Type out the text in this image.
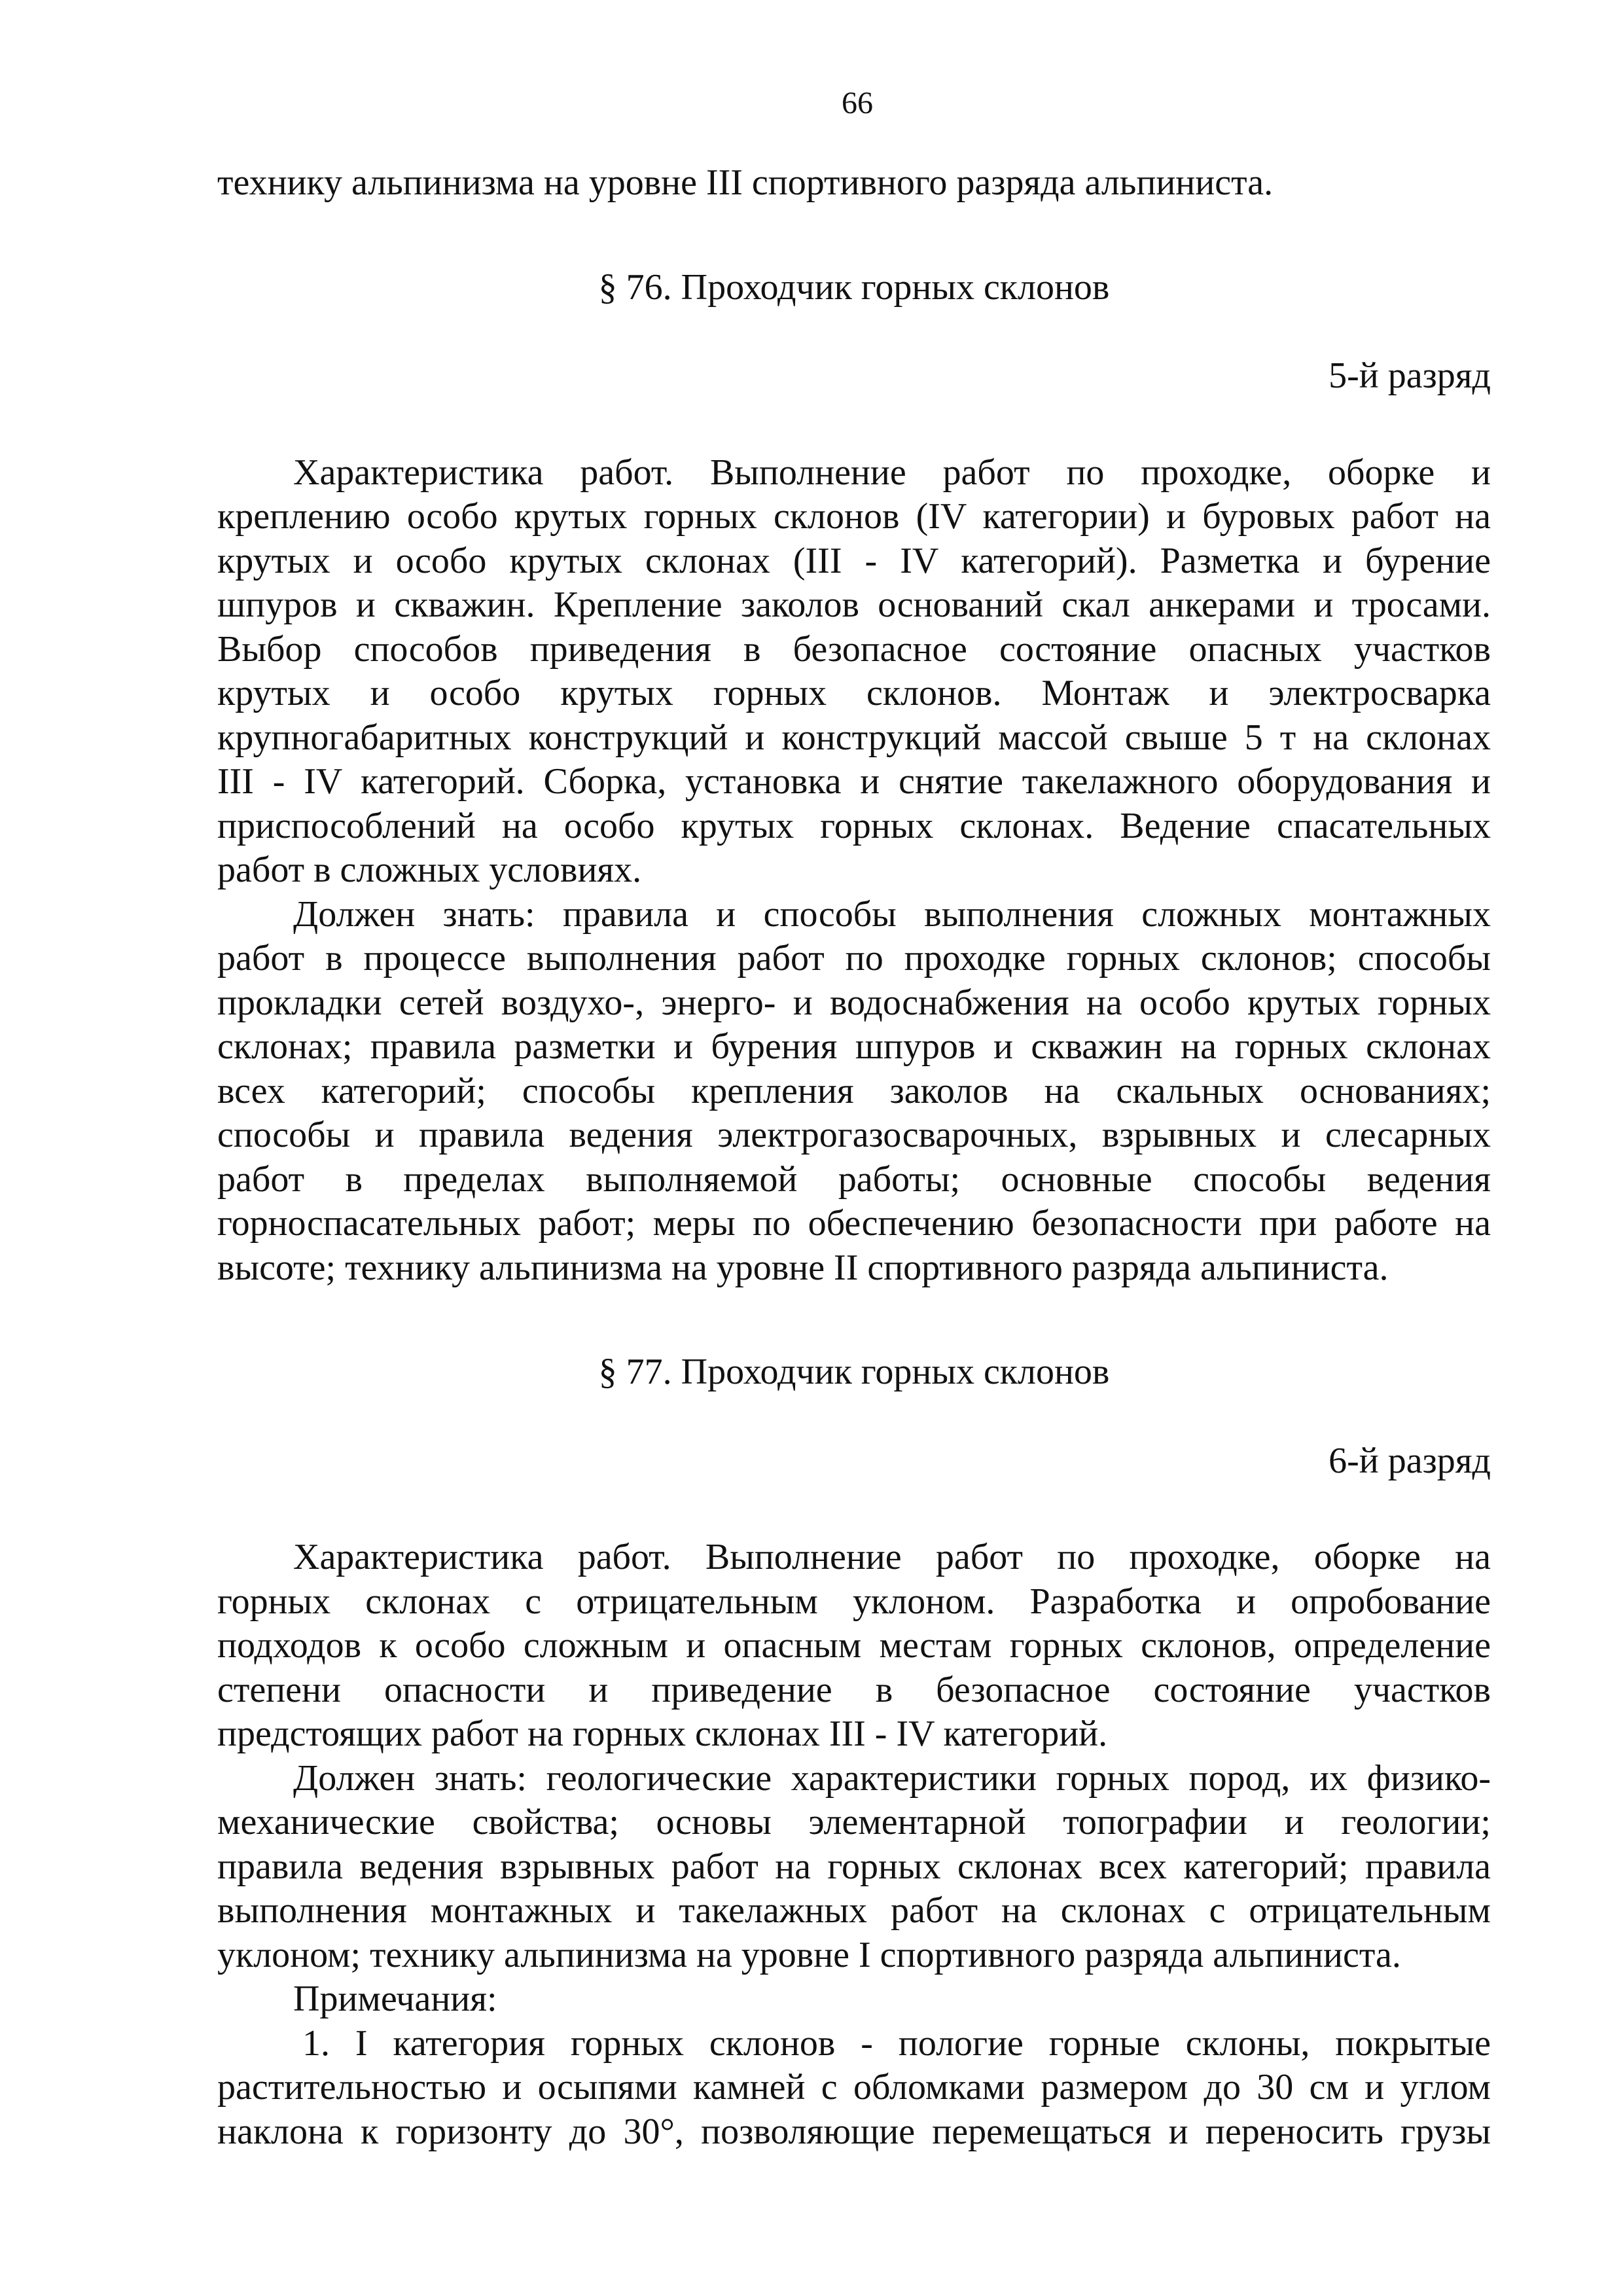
66
технику альпинизма на уровне III спортивного разряда альпиниста.
§ 76. Проходчик горных склонов
5-й разряд
Характеристика работ. Выполнение работ по проходке, оборке и
креплению особо крутых горных склонов (IV категории) и буровых работ на
крутых и особо крутых склонах (III - IV категорий). Разметка и бурение
шпуров и скважин. Крепление заколов оснований скал анкерами и тросами.
Выбор способов приведения в безопасное состояние опасных участков
крутых и особо крутых горных склонов. Монтаж и электросварка
крупногабаритных конструкций и конструкций массой свыше 5 т на склонах
III - IV категорий. Сборка, установка и снятие такелажного оборудования и
приспособлений на особо крутых горных склонах. Ведение спасательных
работ в сложных условиях.
Должен знать: правила и способы выполнения сложных монтажных
работ в процессе выполнения работ по проходке горных склонов; способы
прокладки сетей воздухо-, энерго- и водоснабжения на особо крутых горных
склонах; правила разметки и бурения шпуров и скважин на горных склонах
всех категорий; способы крепления заколов на скальных основаниях;
способы и правила ведения электрогазосварочных, взрывных и слесарных
работ в пределах выполняемой работы; основные способы ведения
горноспасательных работ; меры по обеспечению безопасности при работе на
высоте; технику альпинизма на уровне II спортивного разряда альпиниста.
§ 77. Проходчик горных склонов
6-й разряд
Характеристика работ. Выполнение работ по проходке, оборке на
горных склонах с отрицательным уклоном. Разработка и опробование
подходов к особо сложным и опасным местам горных склонов, определение
степени опасности и приведение в безопасное состояние участков
предстоящих работ на горных склонах III - IV категорий.
Должен знать: геологические характеристики горных пород, их физико-
механические свойства; основы элементарной топографии и геологии;
правила ведения взрывных работ на горных склонах всех категорий; правила
выполнения монтажных и такелажных работ на склонах с отрицательным
уклоном; технику альпинизма на уровне I спортивного разряда альпиниста.
Примечания:
1. I категория горных склонов - пологие горные склоны, покрытые
растительностью и осыпями камней с обломками размером до 30 см и углом
наклона к горизонту до 30°, позволяющие перемещаться и переносить грузы
